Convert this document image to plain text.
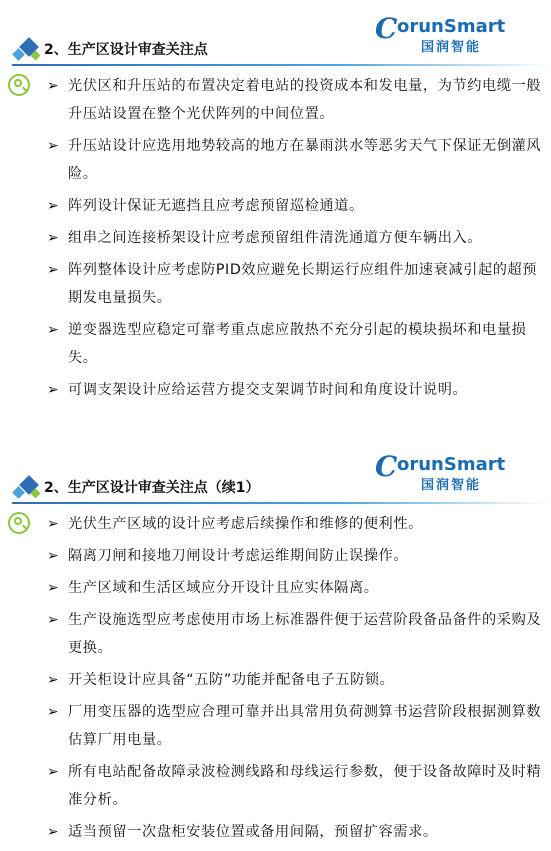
C orunSmart
国润智能
2、生产区设计审查关注点
➢ 光伏区和升压站的布置决定着电站的投资成本和发电量，为节约电缆一般升压站设置在整个光伏阵列的中间位置。
➢ 升压站设计应选用地势较高的地方在暴雨洪水等恶劣天气下保证无倒灌风险。
➢ 阵列设计保证无遮挡且应考虑预留巡检通道。
➢ 组串之间连接桥架设计应考虑预留组件清洗通道方便车辆出入。
➢ 阵列整体设计应考虑防PID效应避免长期运行应组件加速衰减引起的超预期发电量损失。
➢ 逆变器选型应稳定可靠考重点虑应散热不充分引起的模块损坏和电量损失。
➢ 可调支架设计应给运营方提交支架调节时间和角度设计说明。
C orunSmart
国润智能
2、生产区设计审查关注点（续1）
➢ 光伏生产区域的设计应考虑后续操作和维修的便利性。
➢ 隔离刀闸和接地刀闸设计考虑运维期间防止误操作。
➢ 生产区域和生活区域应分开设计且应实体隔离。
➢ 生产设施选型应考虑使用市场上标准器件便于运营阶段备品备件的采购及更换。
➢ 开关柜设计应具备“五防”功能并配备电子五防锁。
➢ 厂用变压器的选型应合理可靠并出具常用负荷测算书运营阶段根据测算数估算厂用电量。
➢ 所有电站配备故障录波检测线路和母线运行参数，便于设备故障时及时精准分析。
➢ 适当预留一次盘柜安装位置或备用间隔，预留扩容需求。
